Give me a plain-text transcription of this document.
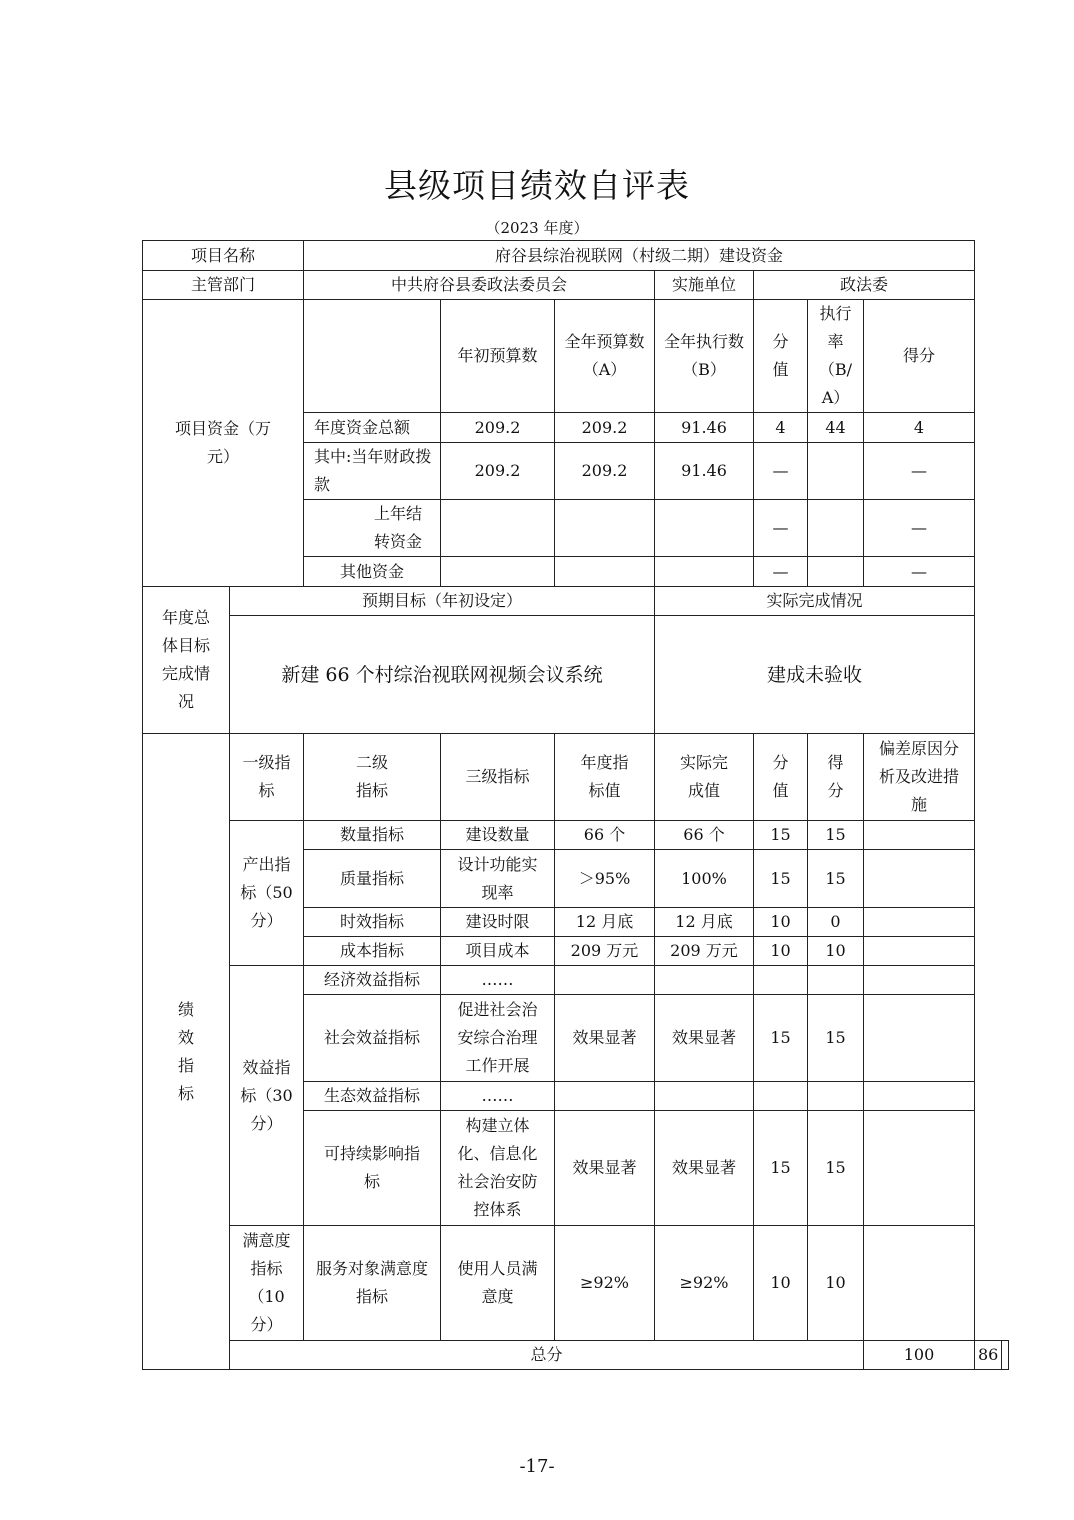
县级项目绩效自评表
（2023 年度）
项目名称		府谷县综治视联网（村级二期）建设资金								
主管部门		中共府谷县委政法委员会			实施单位	政法委				
项目资金（万元）			年初预算数	全年预算数（A）	全年执行数（B）	分值	执行率（B/A）	得分		
		年度资金总额	209.2	209.2	91.46	4	44	4		
		其中:当年财政拨款	209.2	209.2	91.46	—		—		
		上年结转资金				—		—		
		其他资金				—		—		
年度总体目标完成情况	预期目标（年初设定）				实际完成情况					
	新建 66 个村综治视联网视频会议系统				建成未验收					
绩效指标	一级指标	二级指标	三级指标	年度指标值	实际完成值	分值	得分	偏差原因分析及改进措施		
	产出指标（50分）	数量指标	建设数量	66 个	66 个	15	15			
		质量指标	设计功能实现率	＞95%	100%	15	15			
		时效指标	建设时限	12 月底	12 月底	10	0			
		成本指标	项目成本	209 万元	209 万元	10	10			
	效益指标（30分）	经济效益指标	……							
		社会效益指标	促进社会治安综合治理工作开展	效果显著	效果显著	15	15			
		生态效益指标	……							
		可持续影响指标	构建立体化、信息化社会治安防控体系	效果显著	效果显著	15	15			
	满意度指标（10分）	服务对象满意度指标	使用人员满意度	≥92%	≥92%	10	10			
	总分							100	86	
-17-
